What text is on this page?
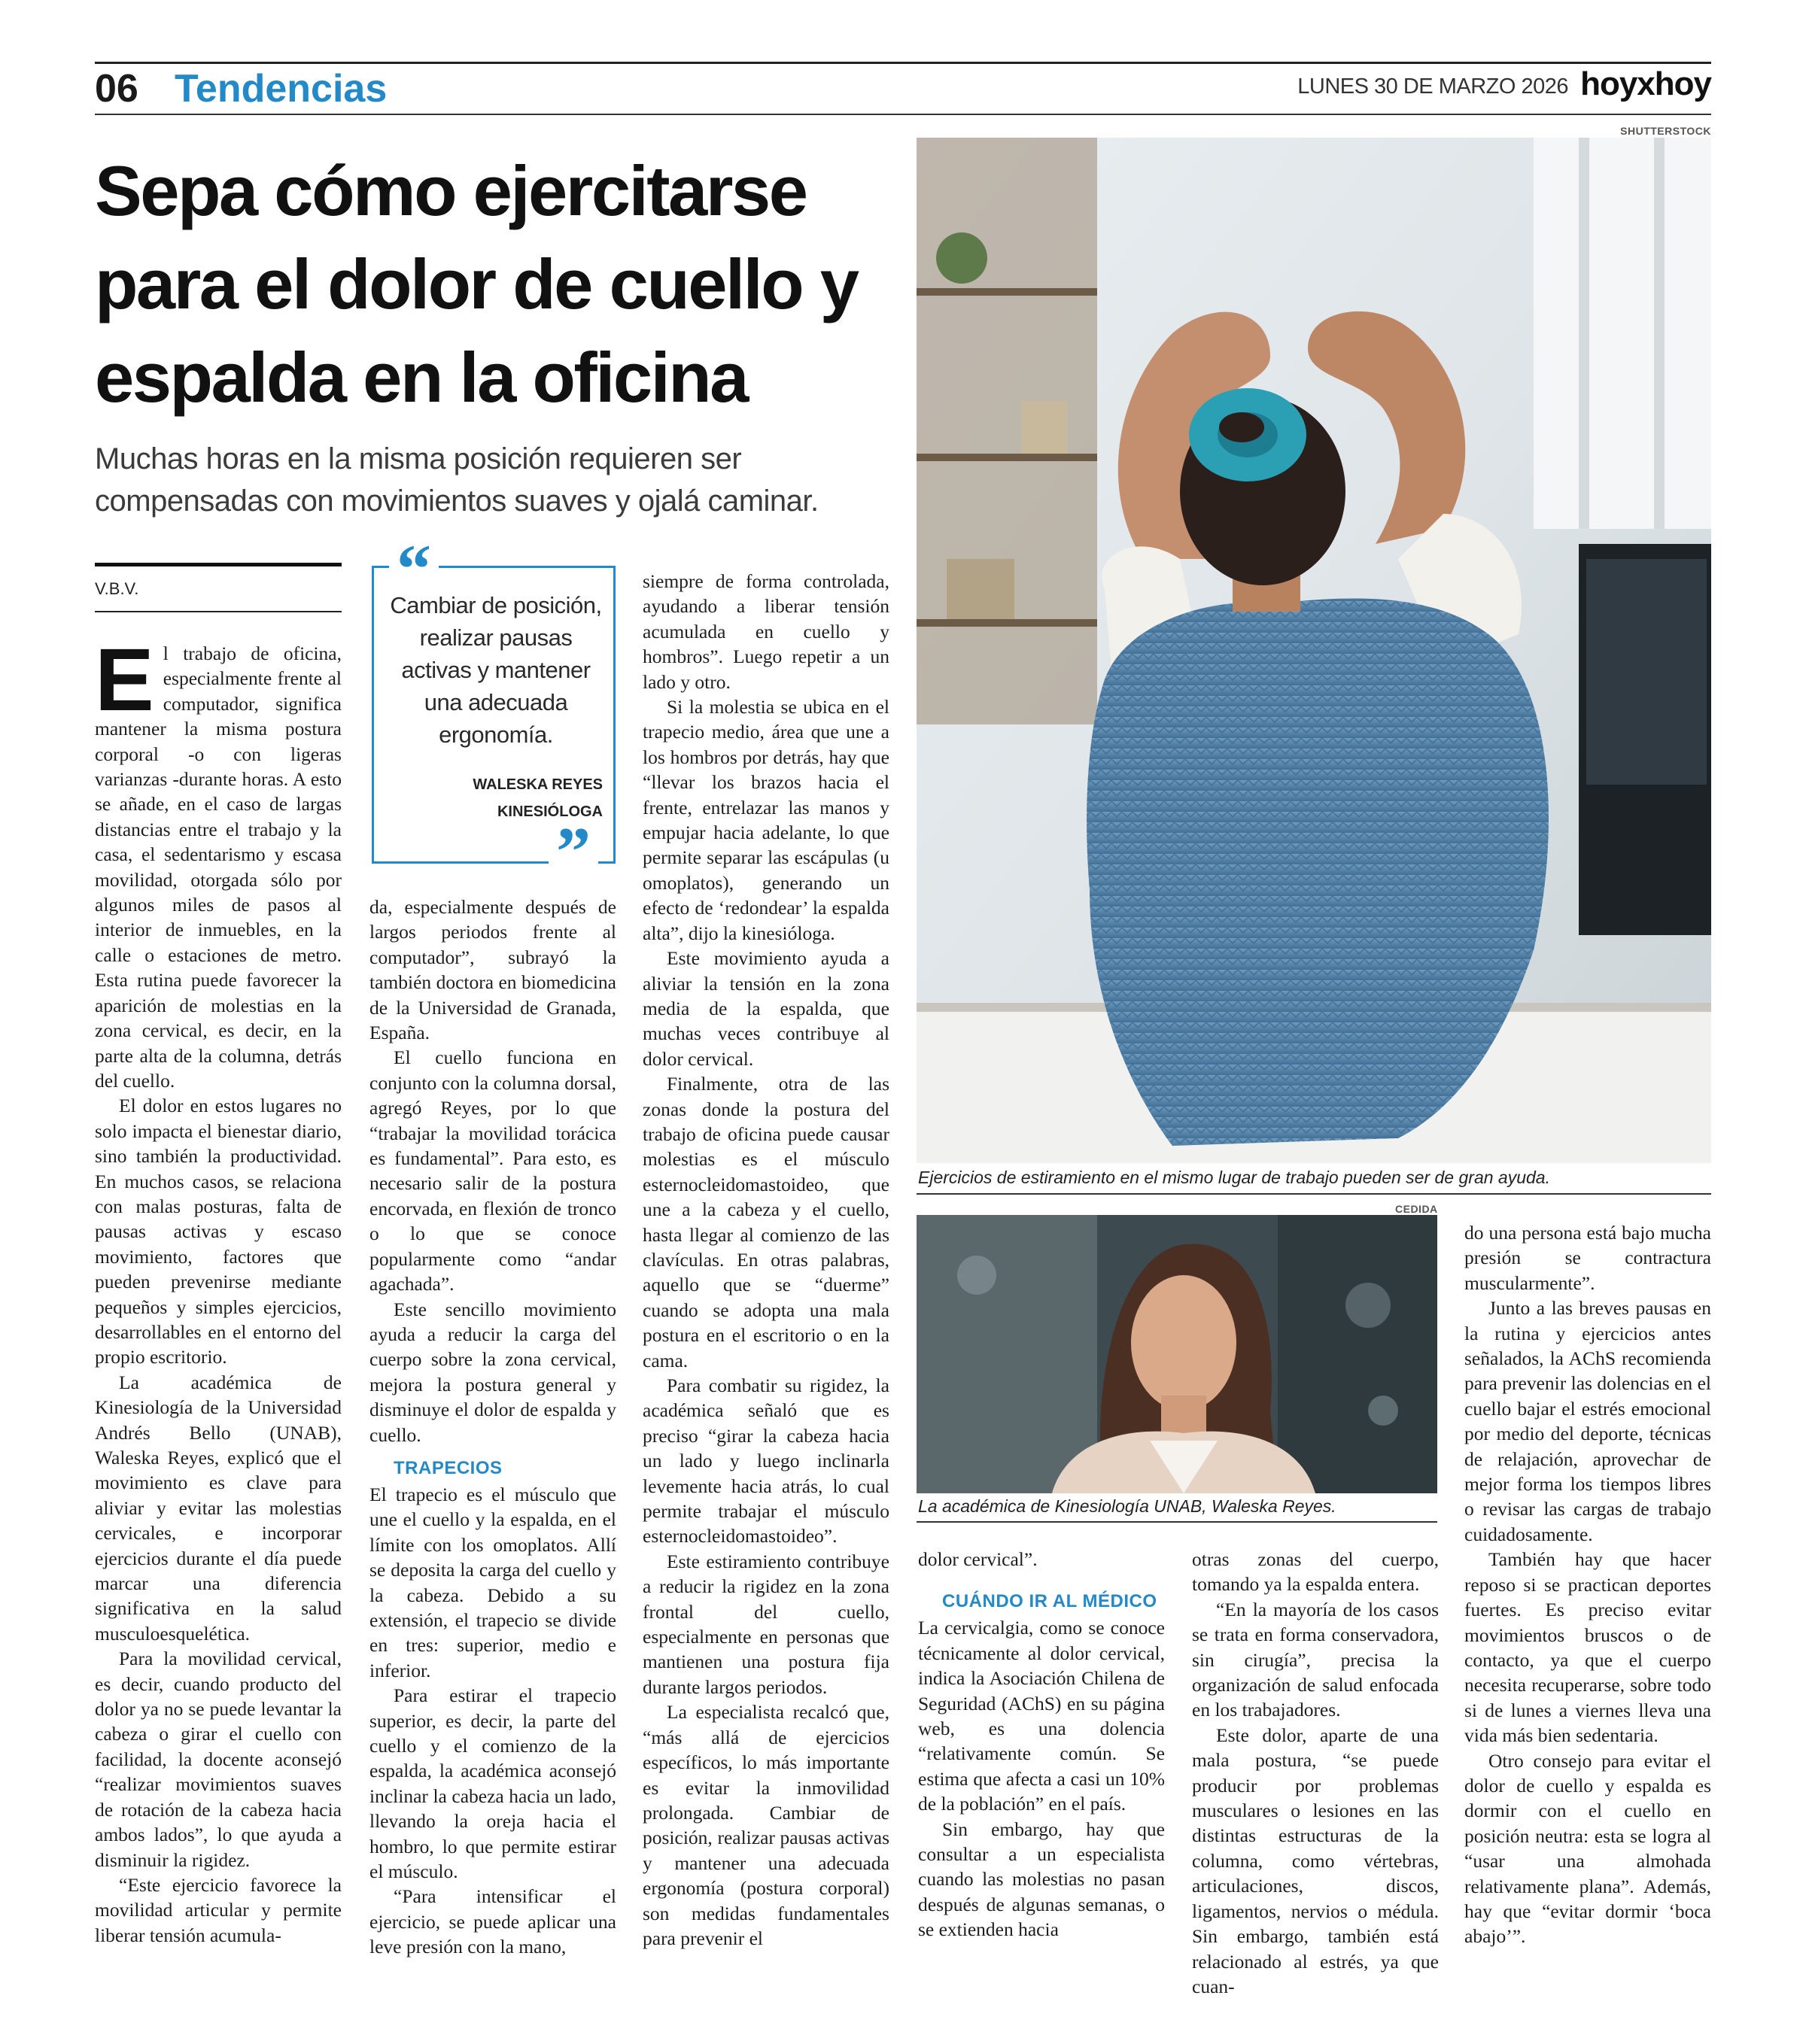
06 Tendencias	LUNES 30 DE MARZO 2026 hoyxhoy
Sepa cómo ejercitarse
para el dolor de cuello y
espalda en la oficina
Muchas horas en la misma posición requieren ser
compensadas con movimientos suaves y ojalá caminar.
V.B.V.

El trabajo de oficina, especialmente frente al computador, significa mantener la misma postura corporal -o con ligeras varianzas -durante horas. A esto se añade, en el caso de largas distancias entre el trabajo y la casa, el sedentarismo y escasa movilidad, otorgada sólo por algunos miles de pasos al interior de inmuebles, en la calle o estaciones de metro. Esta rutina puede favorecer la aparición de molestias en la zona cervical, es decir, en la parte alta de la columna, detrás del cuello.

El dolor en estos lugares no solo impacta el bienestar diario, sino también la productividad. En muchos casos, se relaciona con malas posturas, falta de pausas activas y escaso movimiento, factores que pueden prevenirse mediante pequeños y simples ejercicios, desarrollables en el entorno del propio escritorio.

La académica de Kinesiología de la Universidad Andrés Bello (UNAB), Waleska Reyes, explicó que el movimiento es clave para aliviar y evitar las molestias cervicales, e incorporar ejercicios durante el día puede marcar una diferencia significativa en la salud musculoesquelética.

Para la movilidad cervical, es decir, cuando producto del dolor ya no se puede levantar la cabeza o girar el cuello con facilidad, la docente aconsejó “realizar movimientos suaves de rotación de la cabeza hacia ambos lados”, lo que ayuda a disminuir la rigidez.

“Este ejercicio favorece la movilidad articular y permite liberar tensión acumula-

“
Cambiar de posición, realizar pausas activas y mantener una adecuada ergonomía.
WALESKA REYES
KINESIÓLOGA
”

da, especialmente después de largos periodos frente al computador”, subrayó la también doctora en biomedicina de la Universidad de Granada, España.

El cuello funciona en conjunto con la columna dorsal, agregó Reyes, por lo que “trabajar la movilidad torácica es fundamental”. Para esto, es necesario salir de la postura encorvada, en flexión de tronco o lo que se conoce popularmente como “andar agachada”.

Este sencillo movimiento ayuda a reducir la carga del cuerpo sobre la zona cervical, mejora la postura general y disminuye el dolor de espalda y cuello.

TRAPECIOS

El trapecio es el músculo que une el cuello y la espalda, en el límite con los omoplatos. Allí se deposita la carga del cuello y la cabeza. Debido a su extensión, el trapecio se divide en tres: superior, medio e inferior.

Para estirar el trapecio superior, es decir, la parte del cuello y el comienzo de la espalda, la académica aconsejó inclinar la cabeza hacia un lado, llevando la oreja hacia el hombro, lo que permite estirar el músculo.

“Para intensificar el ejercicio, se puede aplicar una leve presión con la mano,

siempre de forma controlada, ayudando a liberar tensión acumulada en cuello y hombros”. Luego repetir a un lado y otro.

Si la molestia se ubica en el trapecio medio, área que une a los hombros por detrás, hay que “llevar los brazos hacia el frente, entrelazar las manos y empujar hacia adelante, lo que permite separar las escápulas (u omoplatos), generando un efecto de ‘redondear’ la espalda alta”, dijo la kinesióloga.

Este movimiento ayuda a aliviar la tensión en la zona media de la espalda, que muchas veces contribuye al dolor cervical.

Finalmente, otra de las zonas donde la postura del trabajo de oficina puede causar molestias es el músculo esternocleidomastoideo, que une a la cabeza y el cuello, hasta llegar al comienzo de las clavículas. En otras palabras, aquello que se “duerme” cuando se adopta una mala postura en el escritorio o en la cama.

Para combatir su rigidez, la académica señaló que es preciso “girar la cabeza hacia un lado y luego inclinarla levemente hacia atrás, lo cual permite trabajar el músculo esternocleidomastoideo”.

Este estiramiento contribuye a reducir la rigidez en la zona frontal del cuello, especialmente en personas que mantienen una postura fija durante largos periodos.

La especialista recalcó que, “más allá de ejercicios específicos, lo más importante es evitar la inmovilidad prolongada. Cambiar de posición, realizar pausas activas y mantener una adecuada ergonomía (postura corporal) son medidas fundamentales para prevenir el

SHUTTERSTOCK
Ejercicios de estiramiento en el mismo lugar de trabajo pueden ser de gran ayuda.
CEDIDA
La académica de Kinesiología UNAB, Waleska Reyes.

dolor cervical”.

CUÁNDO IR AL MÉDICO

La cervicalgia, como se conoce técnicamente al dolor cervical, indica la Asociación Chilena de Seguridad (AChS) en su página web, es una dolencia “relativamente común. Se estima que afecta a casi un 10% de la población” en el país.

Sin embargo, hay que consultar a un especialista cuando las molestias no pasan después de algunas semanas, o se extienden hacia

otras zonas del cuerpo, tomando ya la espalda entera.

“En la mayoría de los casos se trata en forma conservadora, sin cirugía”, precisa la organización de salud enfocada en los trabajadores.

Este dolor, aparte de una mala postura, “se puede producir por problemas musculares o lesiones en las distintas estructuras de la columna, como vértebras, articulaciones, discos, ligamentos, nervios o médula. Sin embargo, también está relacionado al estrés, ya que cuan-

do una persona está bajo mucha presión se contractura muscularmente”.

Junto a las breves pausas en la rutina y ejercicios antes señalados, la AChS recomienda para prevenir las dolencias en el cuello bajar el estrés emocional por medio del deporte, técnicas de relajación, aprovechar de mejor forma los tiempos libres o revisar las cargas de trabajo cuidadosamente.

También hay que hacer reposo si se practican deportes fuertes. Es preciso evitar movimientos bruscos o de contacto, ya que el cuerpo necesita recuperarse, sobre todo si de lunes a viernes lleva una vida más bien sedentaria.

Otro consejo para evitar el dolor de cuello y espalda es dormir con el cuello en posición neutra: esta se logra al “usar una almohada relativamente plana”. Además, hay que “evitar dormir ‘boca abajo’”.
